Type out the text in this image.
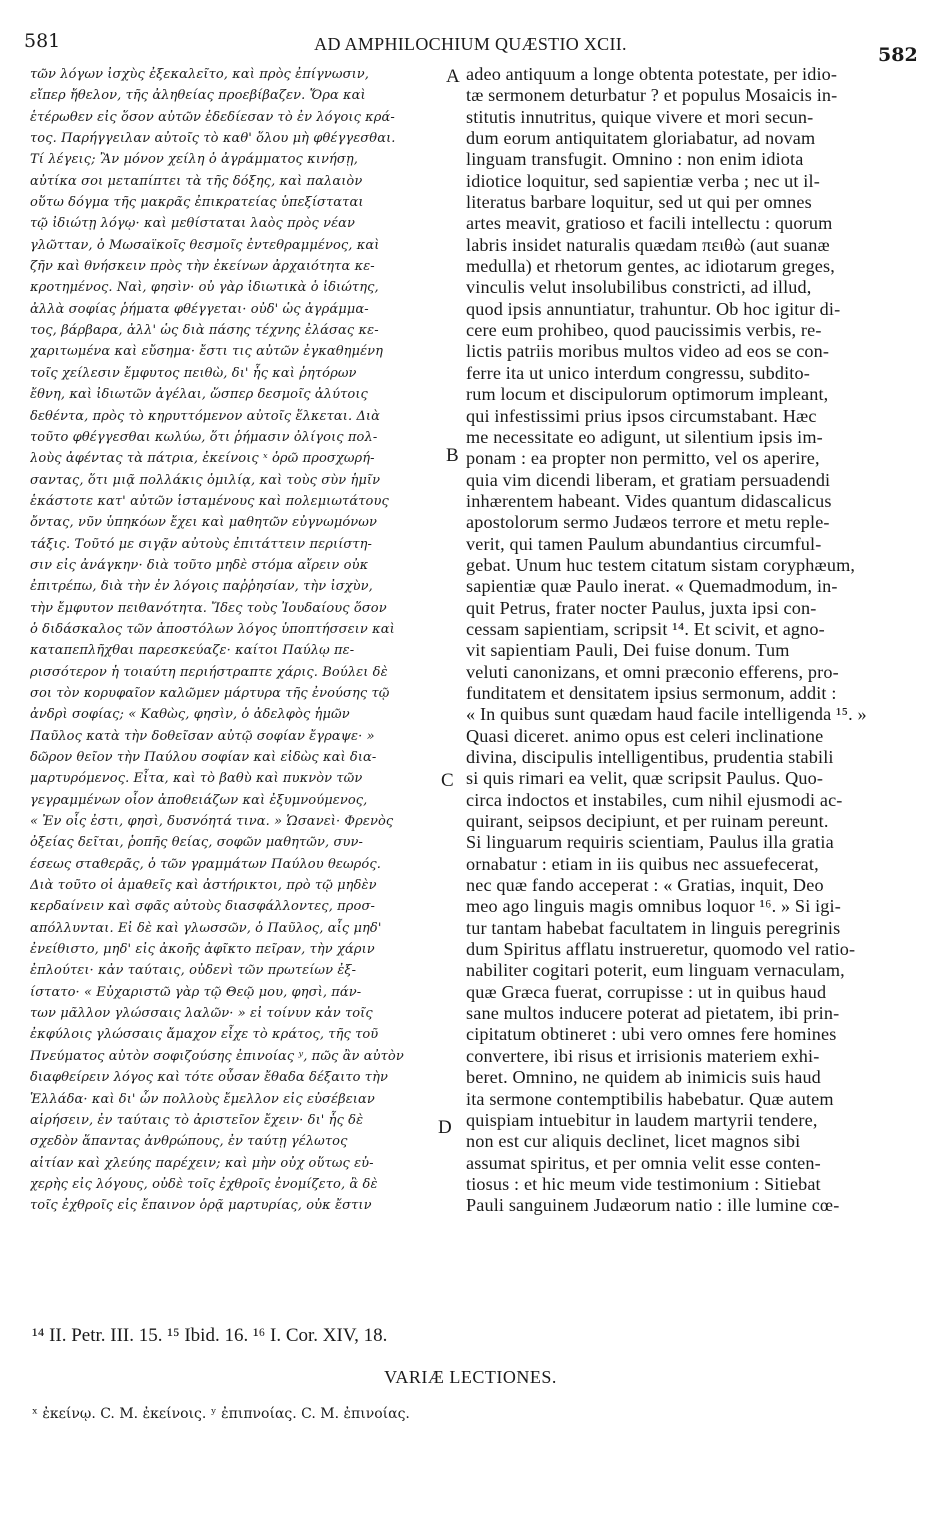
581	AD AMPHILOCHIUM QUÆSTIO XCII.	582
τῶν λόγων ἰσχὺς ἐξεκαλεῖτο, καὶ πρὸς ἐπίγνωσιν,
εἴπερ ἤθελον, τῆς ἀληθείας προεβίβαζεν. Ὅρα καὶ
ἑτέρωθεν εἰς ὅσον αὐτῶν ἐδεδίεσαν τὸ ἐν λόγοις κρά-
τος. Παρήγγειλαν αὐτοῖς τὸ καθ' ὅλου μὴ φθέγγεσθαι.
Τί λέγεις; Ἂν μόνον χείλη ὁ ἀγράμματος κινήσῃ,
αὐτίκα σοι μεταπίπτει τὰ τῆς δόξης, καὶ παλαιὸν
οὕτω δόγμα τῆς μακρᾶς ἐπικρατείας ὑπεξίσταται
τῷ ἰδιώτῃ λόγῳ· καὶ μεθίσταται λαὸς πρὸς νέαν
γλῶτταν, ὁ Μωσαϊκοῖς θεσμοῖς ἐντεθραμμένος, καὶ
ζῆν καὶ θνήσκειν πρὸς τὴν ἐκείνων ἀρχαιότητα κε-
κροτημένος. Ναὶ, φησὶν· οὐ γὰρ ἰδιωτικὰ ὁ ἰδιώτης,
ἀλλὰ σοφίας ῥήματα φθέγγεται· οὐδ' ὡς ἀγράμμα-
τος, βάρβαρα, ἀλλ' ὡς διὰ πάσης τέχνης ἐλάσας κε-
χαριτωμένα καὶ εὔσημα· ἔστι τις αὐτῶν ἐγκαθημένη
τοῖς χείλεσιν ἔμφυτος πειθὼ, δι' ἧς καὶ ῥητόρων
ἔθνη, καὶ ἰδιωτῶν ἀγέλαι, ὥσπερ δεσμοῖς ἀλύτοις
δεθέντα, πρὸς τὸ κηρυττόμενον αὐτοῖς ἕλκεται. Διὰ
τοῦτο φθέγγεσθαι κωλύω, ὅτι ῥήμασιν ὀλίγοις πολ-
λοὺς ἀφέντας τὰ πάτρια, ἐκείνοις ˣ ὁρῶ προσχωρή-
σαντας, ὅτι μιᾷ πολλάκις ὁμιλίᾳ, καὶ τοὺς σὺν ἡμῖν
ἑκάστοτε κατ' αὐτῶν ἱσταμένους καὶ πολεμιωτάτους
ὄντας, νῦν ὑπηκόων ἔχει καὶ μαθητῶν εὐγνωμόνων
τάξις. Τοῦτό με σιγᾷν αὐτοὺς ἐπιτάττειν περιίστη-
σιν εἰς ἀνάγκην· διὰ τοῦτο μηδὲ στόμα αἴρειν οὐκ
ἐπιτρέπω, διὰ τὴν ἐν λόγοις παῤῥησίαν, τὴν ἰσχὺν,
τὴν ἔμφυτον πειθανότητα. Ἴδες τοὺς Ἰουδαίους ὅσον
ὁ διδάσκαλος τῶν ἀποστόλων λόγος ὑποπτήσσειν καὶ
καταπεπλῆχθαι παρεσκεύαζε· καίτοι Παύλῳ πε-
ρισσότερον ἡ τοιαύτη περιήστραπτε χάρις. Βούλει δὲ
σοι τὸν κορυφαῖον καλῶμεν μάρτυρα τῆς ἐνούσης τῷ
ἀνδρὶ σοφίας; « Καθὼς, φησὶν, ὁ ἀδελφὸς ἡμῶν
Παῦλος κατὰ τὴν δοθεῖσαν αὐτῷ σοφίαν ἔγραψε· »
δῶρον θεῖον τὴν Παύλου σοφίαν καὶ εἰδὼς καὶ δια-
μαρτυρόμενος. Εἶτα, καὶ τὸ βαθὺ καὶ πυκνὸν τῶν
γεγραμμένων οἷον ἀποθειάζων καὶ ἐξυμνούμενος,
« Ἐν οἷς ἐστι, φησὶ, δυσνόητά τινα. » Ὡσανεὶ· Φρενὸς
ὀξείας δεῖται, ῥοπῆς θείας, σοφῶν μαθητῶν, συν-
έσεως σταθερᾶς, ὁ τῶν γραμμάτων Παύλου θεωρός.
Διὰ τοῦτο οἱ ἀμαθεῖς καὶ ἀστήρικτοι, πρὸ τῷ μηδὲν
κερδαίνειν καὶ σφᾶς αὐτοὺς διασφάλλοντες, προσ-
απόλλυνται. Εἰ δὲ καὶ γλωσσῶν, ὁ Παῦλος, αἷς μηδ'
ἐνείθιστο, μηδ' εἰς ἀκοῆς ἀφῖκτο πεῖραν, τὴν χάριν
ἐπλούτει· κἀν ταύταις, οὐδενὶ τῶν πρωτείων ἐξ-
ίστατο· « Εὐχαριστῶ γὰρ τῷ Θεῷ μου, φησὶ, πάν-
των μᾶλλον γλώσσαις λαλῶν· » εἰ τοίνυν κἀν τοῖς
ἐκφύλοις γλώσσαις ἄμαχον εἶχε τὸ κράτος, τῆς τοῦ
Πνεύματος αὐτὸν σοφιζούσης ἐπινοίας ʸ, πῶς ἂν αὐτὸν
διαφθείρειν λόγος καὶ τότε οὖσαν ἔθαδα δέξαιτο τὴν
Ἑλλάδα· καὶ δι' ὧν πολλοὺς ἔμελλον εἰς εὐσέβειαν
αἱρήσειν, ἐν ταύταις τὸ ἀριστεῖον ἔχειν· δι' ἧς δὲ
σχεδὸν ἅπαντας ἀνθρώπους, ἐν ταύτῃ γέλωτος
αἰτίαν καὶ χλεύης παρέχειν; καὶ μὴν οὐχ οὕτως εὐ-
χερὴς εἰς λόγους, οὐδὲ τοῖς ἐχθροῖς ἐνομίζετο, ἃ δὲ
τοῖς ἐχθροῖς εἰς ἔπαινον ὁρᾷ μαρτυρίας, οὐκ ἔστιν
adeo antiquum a longe obtenta potestate, per idio-
tæ sermonem deturbatur ? et populus Mosaicis in-
stitutis innutritus, quique vivere et mori secun-
dum eorum antiquitatem gloriabatur, ad novam
linguam transfugit. Omnino : non enim idiota
idiotice loquitur, sed sapientiæ verba ; nec ut il-
literatus barbare loquitur, sed ut qui per omnes
artes meavit, gratioso et facili intellectu : quorum
labris insidet naturalis quædam πειθὼ (aut suanæ
medulla) et rhetorum gentes, ac idiotarum greges,
vinculis velut insolubilibus constricti, ad illud,
quod ipsis annuntiatur, trahuntur. Ob hoc igitur di-
cere eum prohibeo, quod paucissimis verbis, re-
lictis patriis moribus multos video ad eos se con-
ferre ita ut unico interdum congressu, subdito-
rum locum et discipulorum optimorum impleant,
qui infestissimi prius ipsos circumstabant. Hæc
me necessitate eo adigunt, ut silentium ipsis im-
ponam : ea propter non permitto, vel os aperire,
quia vim dicendi liberam, et gratiam persuadendi
inhærentem habeant. Vides quantum didascalicus
apostolorum sermo Judæos terrore et metu reple-
verit, qui tamen Paulum abundantius circumful-
gebat. Unum huc testem citatum sistam coryphæum,
sapientiæ quæ Paulo inerat. « Quemadmodum, in-
quit Petrus, frater nocter Paulus, juxta ipsi con-
cessam sapientiam, scripsit ¹⁴. Et scivit, et agno-
vit sapientiam Pauli, Dei fuise donum. Tum
veluti canonizans, et omni præconio efferens, pro-
funditatem et densitatem ipsius sermonum, addit :
« In quibus sunt quædam haud facile intelligenda ¹⁵. »
Quasi diceret. animo opus est celeri inclinatione
divina, discipulis intelligentibus, prudentia stabili
si quis rimari ea velit, quæ scripsit Paulus. Quo-
circa indoctos et instabiles, cum nihil ejusmodi ac-
quirant, seipsos decipiunt, et per ruinam pereunt.
Si linguarum requiris scientiam, Paulus illa gratia
ornabatur : etiam in iis quibus nec assuefecerat,
nec quæ fando acceperat : « Gratias, inquit, Deo
meo ago linguis magis omnibus loquor ¹⁶. » Si igi-
tur tantam habebat facultatem in linguis peregrinis
dum Spiritus afflatu instrueretur, quomodo vel ratio-
nabiliter cogitari poterit, eum linguam vernaculam,
quæ Græca fuerat, corrupisse : ut in quibus haud
sane multos inducere poterat ad pietatem, ibi prin-
cipitatum obtineret : ubi vero omnes fere homines
convertere, ibi risus et irrisionis materiem exhi-
beret. Omnino, ne quidem ab inimicis suis haud
ita sermone contemptibilis habebatur. Quæ autem
quispiam intuebitur in laudem martyrii tendere,
non est cur aliquis declinet, licet magnos sibi
assumat spiritus, et per omnia velit esse conten-
tiosus : et hic meum vide testimonium : Sitiebat
Pauli sanguinem Judæorum natio : ille lumine cœ-
A
B
C
D
¹⁴ II. Petr. III. 15. ¹⁵ Ibid. 16. ¹⁶ I. Cor. XIV, 18.
VARIÆ LECTIONES.
ˣ ἐκείνῳ. C. M. ἐκείνοις. ʸ ἐπιπνοίας. C. M. ἐπινοίας.
